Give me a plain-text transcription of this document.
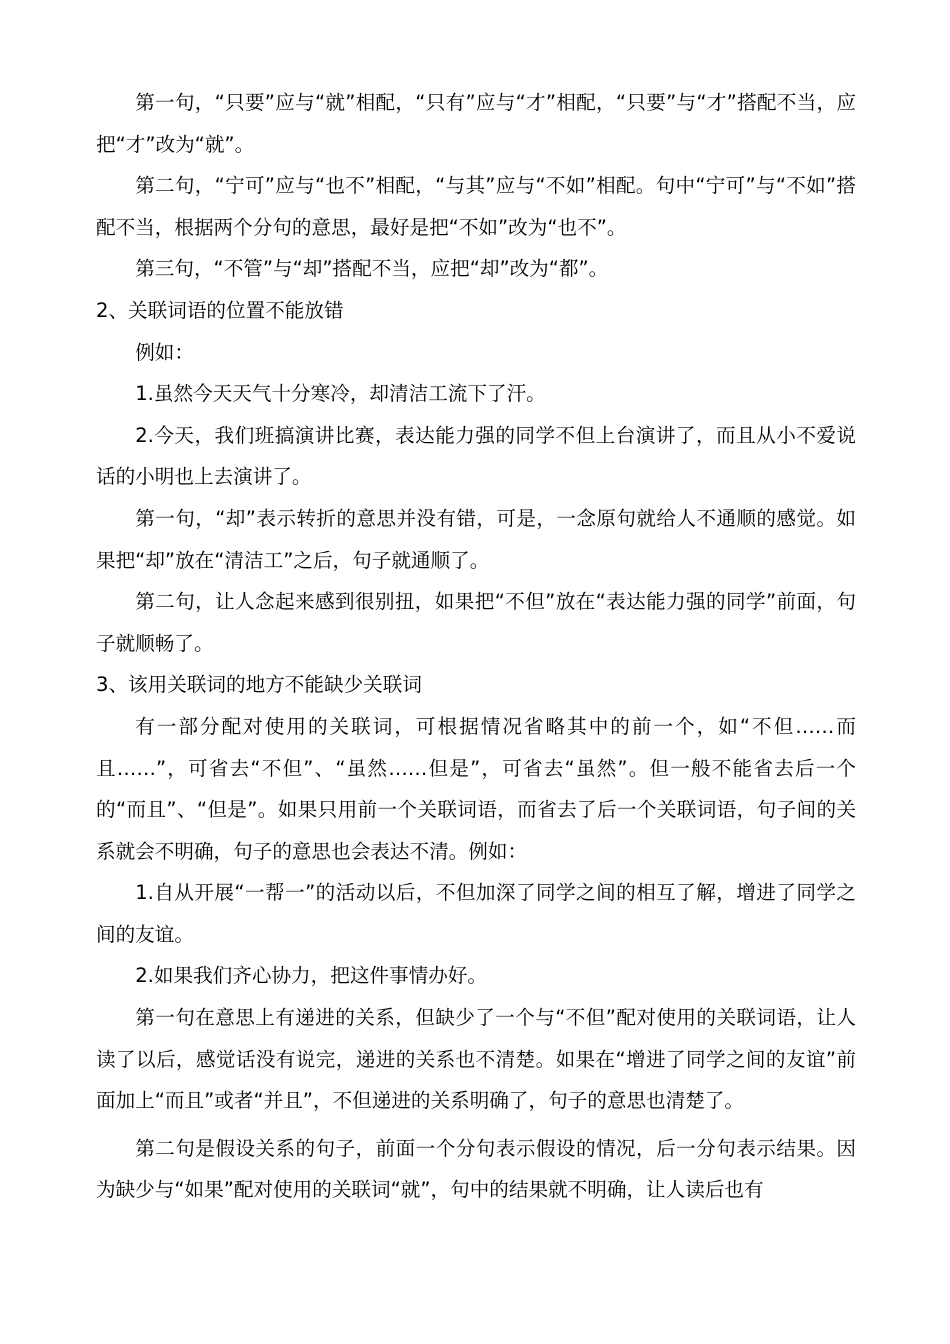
第一句，“只要”应与“就”相配，“只有”应与“才”相配，“只要”与“才”搭配不当，应把“才”改为“就”。

第二句，“宁可”应与“也不”相配，“与其”应与“不如”相配。句中“宁可”与“不如”搭配不当，根据两个分句的意思，最好是把“不如”改为“也不”。

第三句，“不管”与“却”搭配不当，应把“却”改为“都”。

2、关联词语的位置不能放错

例如：

1.虽然今天天气十分寒冷，却清洁工流下了汗。

2.今天，我们班搞演讲比赛，表达能力强的同学不但上台演讲了，而且从小不爱说话的小明也上去演讲了。

第一句，“却”表示转折的意思并没有错，可是，一念原句就给人不通顺的感觉。如果把“却”放在“清洁工”之后，句子就通顺了。

第二句，让人念起来感到很别扭，如果把“不但”放在“表达能力强的同学”前面，句子就顺畅了。

3、该用关联词的地方不能缺少关联词

有一部分配对使用的关联词，可根据情况省略其中的前一个，如“不但……而且……”，可省去“不但”、“虽然……但是”，可省去“虽然”。但一般不能省去后一个的“而且”、“但是”。如果只用前一个关联词语，而省去了后一个关联词语，句子间的关系就会不明确，句子的意思也会表达不清。例如：

1.自从开展“一帮一”的活动以后，不但加深了同学之间的相互了解，增进了同学之间的友谊。

2.如果我们齐心协力，把这件事情办好。

第一句在意思上有递进的关系，但缺少了一个与“不但”配对使用的关联词语，让人读了以后，感觉话没有说完，递进的关系也不清楚。如果在“增进了同学之间的友谊”前面加上“而且”或者“并且”，不但递进的关系明确了，句子的意思也清楚了。

第二句是假设关系的句子，前面一个分句表示假设的情况，后一分句表示结果。因为缺少与“如果”配对使用的关联词“就”，句中的结果就不明确，让人读后也有
